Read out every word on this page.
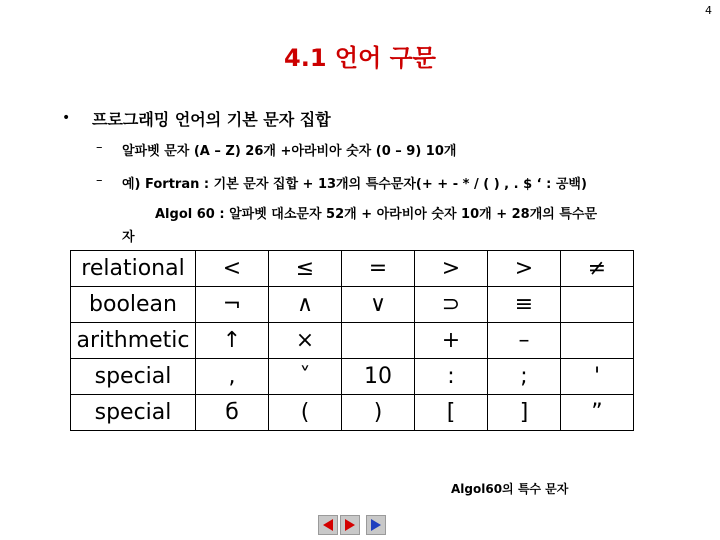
4
4.1 언어 구문
• 프로그래밍 언어의 기본 문자 집합
– 알파벳 문자 (A – Z) 26개 +아라비아 숫자 (0 – 9) 10개
– 예) Fortran : 기본 문자 집합 + 13개의 특수문자(+ + - * / ( ) , . $ ‘ : 공백)
Algol 60 : 알파벳 대소문자 52개 + 아라비아 숫자 10개 + 28개의 특수문
자
relational	<	≤	=	>	>	≠
boolean	¬	∧	∨	⊃	≡	
arithmetic	↑	×		+	–	
special	,	˅	10	:	;	'
special	б	(	)	[	]	”
Algol60의 특수 문자
